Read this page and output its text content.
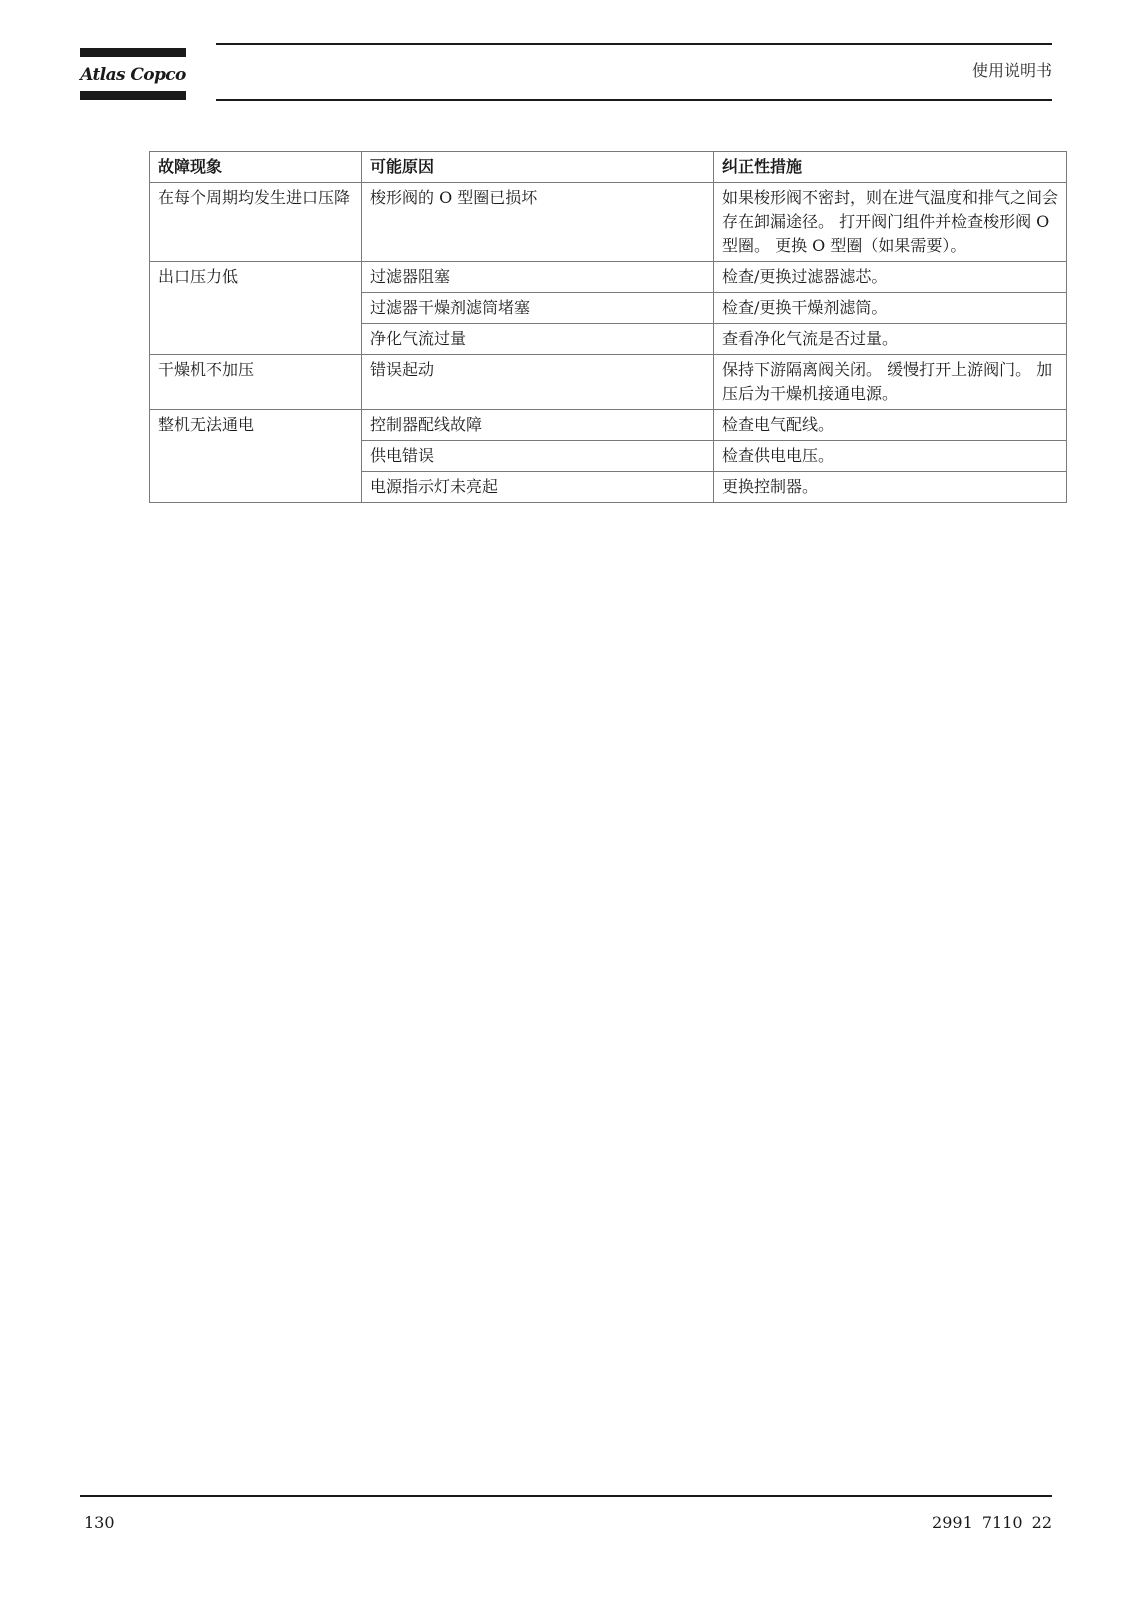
Atlas Copco	使用说明书
故障现象	可能原因	纠正性措施
在每个周期均发生进口压降	梭形阀的 O 型圈已损坏	如果梭形阀不密封，则在进气温度和排气之间会存在卸漏途径。 打开阀门组件并检查梭形阀 O 型圈。 更换 O 型圈（如果需要）。
出口压力低	过滤器阻塞	检查/更换过滤器滤芯。
	过滤器干燥剂滤筒堵塞	检查/更换干燥剂滤筒。
	净化气流过量	查看净化气流是否过量。
干燥机不加压	错误起动	保持下游隔离阀关闭。 缓慢打开上游阀门。 加压后为干燥机接通电源。
整机无法通电	控制器配线故障	检查电气配线。
	供电错误	检查供电电压。
	电源指示灯未亮起	更换控制器。
130	2991 7110 22
